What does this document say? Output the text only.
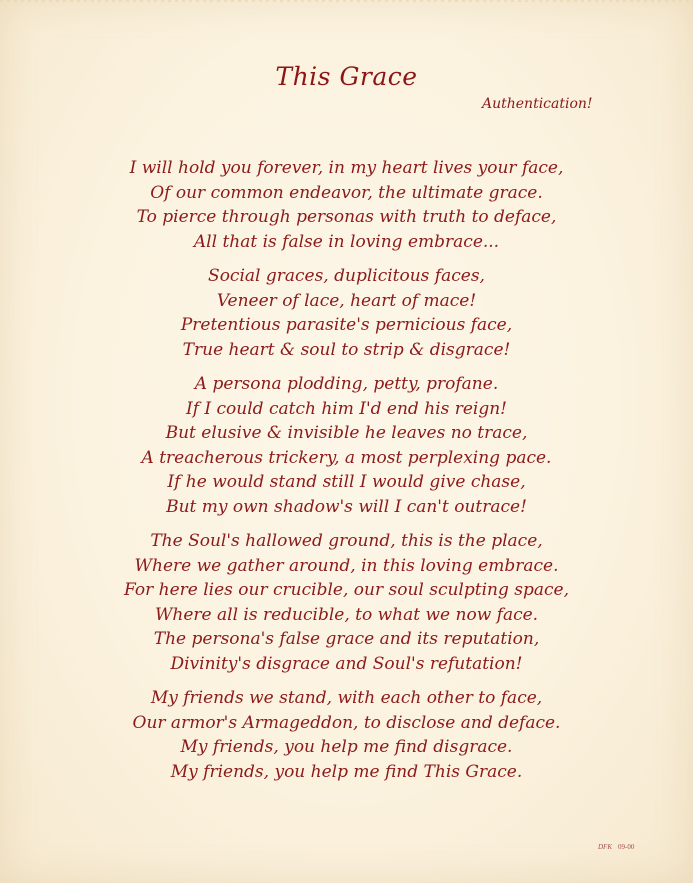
This Grace
Authentication!
I will hold you forever, in my heart lives your face,
Of our common endeavor, the ultimate grace.
To pierce through personas with truth to deface,
All that is false in loving embrace...
Social graces, duplicitous faces,
Veneer of lace, heart of mace!
Pretentious parasite's pernicious face,
True heart & soul to strip & disgrace!
A persona plodding, petty, profane.
If I could catch him I'd end his reign!
But elusive & invisible he leaves no trace,
A treacherous trickery, a most perplexing pace.
If he would stand still I would give chase,
But my own shadow's will I can't outrace!
The Soul's hallowed ground, this is the place,
Where we gather around, in this loving embrace.
For here lies our crucible, our soul sculpting space,
Where all is reducible, to what we now face.
The persona's false grace and its reputation,
Divinity's disgrace and Soul's refutation!
My friends we stand, with each other to face,
Our armor's Armageddon, to disclose and deface.
My friends, you help me find disgrace.
My friends, you help me find This Grace.
DFK 09-00
